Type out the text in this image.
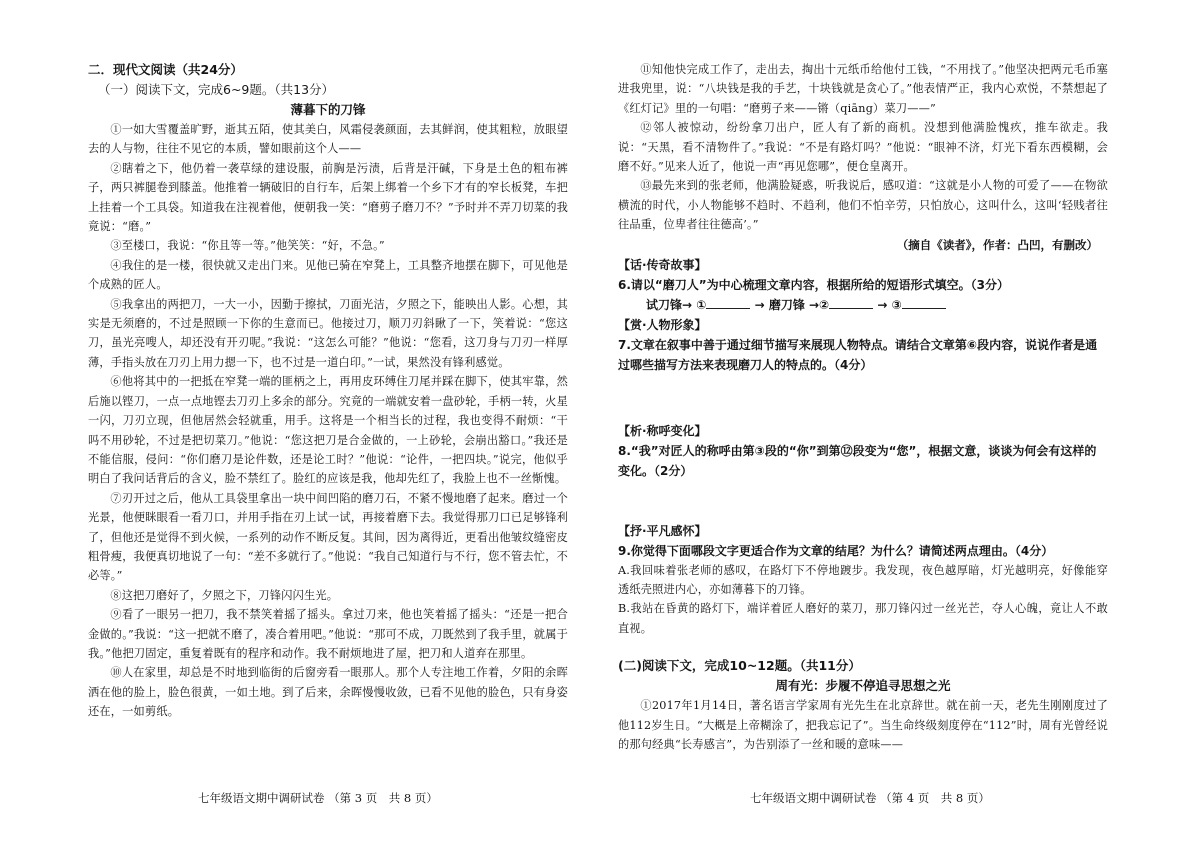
二．现代文阅读（共24分）

（一）阅读下文，完成6~9题。（共13分）

薄暮下的刀锋

①一如大雪覆盖旷野，逝其五陌，使其美白，风霜侵袭颜面，去其鲜润，使其粗粒，放眼望去的人与物，往往不见它的本质，譬如眼前这个人——

②瞎着之下，他仍着一袭草绿的建设服，前胸是污渍，后背是汗碱，下身是土色的粗布裤子，两只裤腿卷到膝盖。他推着一辆破旧的自行车，后架上绑着一个乡下才有的窄长板凳，车把上挂着一个工具袋。知道我在注视着他，便朝我一笑：“磨剪子磨刀不？”予时并不弄刀切菜的我竟说：“磨。”

③至楼口，我说：“你且等一等。”他笑笑：“好，不急。”

④我住的是一楼，很快就又走出门来。见他已骑在窄凳上，工具整齐地摆在脚下，可见他是个成熟的匠人。

⑤我拿出的两把刀，一大一小，因勤于擦拭，刀面光洁，夕照之下，能映出人影。心想，其实是无须磨的，不过是照顾一下你的生意而已。他接过刀，顺刀刃斜瞅了一下，笑着说：“您这刀，虽光亮嗖人，却还没有开刃呢。”我说：“这怎么可能？”他说：“您看，这刀身与刀刃一样厚薄，手指头放在刀刃上用力摁一下，也不过是一道白印。”一试，果然没有锋利感觉。

⑥他将其中的一把抵在窄凳一端的匪柄之上，再用皮环缚住刀尾并踩在脚下，使其牢靠，然后施以铿刀，一点一点地铿去刀刃上多余的部分。究竟的一端就安着一盘砂轮，手柄一转，火星一闪，刀刃立现，但他居然会轻就重，用手。这将是一个相当长的过程，我也变得不耐烦：“干吗不用砂轮，不过是把切菜刀。”他说：“您这把刀是合金做的，一上砂轮，会崩出豁口。”我还是不能信服，侵问：“你们磨刀是论件数，还是论工时？”他说：“论件，一把四块。”说完，他似乎明白了我问话背后的含义，脸不禁红了。脸红的应该是我，他却先红了，我脸上也不一丝惭愧。

⑦刃开过之后，他从工具袋里拿出一块中间凹陷的磨刀石，不紧不慢地磨了起来。磨过一个光景，他便眯眼看一看刀口，并用手指在刃上试一试，再接着磨下去。我觉得那刀口已足够锋利了，但他还是觉得不到火候，一系列的动作不断反复。其间，因为离得近，更看出他皱纹缝密皮粗骨瘦，我便真切地说了一句：“差不多就行了。”他说：“我自己知道行与不行，您不管去忙，不必等。”

⑧这把刀磨好了，夕照之下，刀锋闪闪生光。

⑨看了一眼另一把刀，我不禁笑着摇了摇头。拿过刀来，他也笑着摇了摇头：“还是一把合金做的。”我说：“这一把就不磨了，凑合着用吧。”他说：“那可不成，刀既然到了我手里，就属于我。”他把刀固定，重复着既有的程序和动作。我不耐烦地进了屋，把刀和人道弃在那里。

⑩人在家里，却总是不时地到临街的后窗旁看一眼那人。那个人专注地工作着，夕阳的余晖洒在他的脸上，脸色很黄，一如土地。到了后来，余晖慢慢收敛，已看不见他的脸色，只有身姿还在，一如剪纸。

⑪知他快完成工作了，走出去，掏出十元纸币给他付工钱，“不用找了。”他坚决把两元毛币塞进我兜里，说：“八块钱是我的手艺，十块钱就是贪心了。”他表情严正，我内心欢悦，不禁想起了《红灯记》里的一句唱：“磨剪子来——锵（qiāng）菜刀——”

⑫邻人被惊动，纷纷拿刀出户，匠人有了新的商机。没想到他满脸愧疚，推车欲走。我说：“天黑，看不清物件了。”我说：“不是有路灯吗？”他说：“眼神不济，灯光下看东西模糊，会磨不好。”见来人近了，他说一声“再见您哪”，便仓皇离开。

⑬最先来到的张老师，他满脸疑惑，听我说后，感叹道：“这就是小人物的可爱了——在物欲横流的时代，小人物能够不趋时、不趋利，他们不怕辛劳，只怕放心，这叫什么，这叫‘轻贱者往往品重，位卑者往往德高’。”

（摘自《读者》，作者：凸凹，有删改）

【话·传奇故事】

6.请以“磨刀人”为中心梳理文章内容，根据所给的短语形式填空。（3分）

试刀锋→ ①	→ 磨刀锋 →②	→ ③

【赏·人物形象】

7.文章在叙事中善于通过细节描写来展现人物特点。请结合文章第⑥段内容，说说作者是通过哪些描写方法来表现磨刀人的特点的。（4分）

【析·称呼变化】

8.“我”对匠人的称呼由第③段的“你”到第⑫段变为“您”，根据文意，谈谈为何会有这样的变化。（2分）

【抒·平凡感怀】

9.你觉得下面哪段文字更适合作为文章的结尾？为什么？请简述两点理由。（4分）

A.我回味着张老师的感叹，在路灯下不停地踱步。我发现，夜色越厚暗，灯光越明亮，好像能穿透纸壳照进内心，亦如薄暮下的刀锋。

B.我站在昏黄的路灯下，端详着匠人磨好的菜刀，那刀锋闪过一丝光芒，夺人心魄，竟让人不敢直视。

(二)阅读下文，完成10~12题。（共11分）

周有光：步履不停追寻思想之光

①2017年1月14日，著名语言学家周有光先生在北京辞世。就在前一天，老先生刚刚度过了他112岁生日。“大概是上帝糊涂了，把我忘记了”。当生命终级刻度停在“112”时，周有光曾经说的那句经典“长寿感言”，为告别添了一丝和暖的意味——

七年级语文期中调研试卷 （第 3 页　共 8 页）	七年级语文期中调研试卷 （第 4 页　共 8 页）
